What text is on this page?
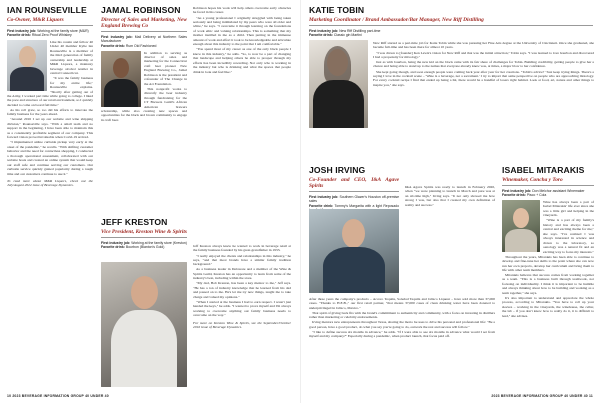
IAN ROUNSEVILLE
Co-Owner, M&R Liquors
First industry job: Working at the family store (M&R)
Favorite drink: Ritual Zero Proof Whiskey

Like his cousin and fellow 40 Under 40 member Kylie Ian Rounseville is a member of the third generation of family ownership and leadership at M&R Liquors, a mainstay beverage alcohol retailer in central Connecticut.

"It was the family business for my entire life," Rounseville explains. "Shortly after getting out of the Army, I worked part time while going to college. I liked the pace and structure of our retail environment, so I quickly decided to come on board full time."

As his roll grew, so too did his efforts to innovate the family business for the years ahead.

"Around 2016 I set up our website and wine shipping division," Rounseville says. "With a small team and no support in the beginning, I have been able to maintain this as a consistently profitable segment of our company. This forward vision proved invaluable when Covid-19 arrived.

"I implemented online curbside pickup very early at the onset of the pandemic," he recalls. "With shifting customer behavior and the need for contactless shopping, I conducted a thorough operational assessment, collaborated with our website hosts and created an online system that would keep our staff safe and continue serving our customers. Our curbside service quickly gained popularity during a tough time and our customers continue to use it."

To read more about M&R Liquors, check out the July/August 2022 issue of Beverage Dynamics.

JAMAL ROBINSON
Director of Sales and Marketing, New England Brewing Co
First industry job: Mail Delivery at Northern Sales Manufacturer
Favorite drink: Rum Old Fashioned

In addition to serving as director of sales and marketing for the Connecticut craft beer pioneer New England Brewing Co., Jamal Robinson is the president and cofounder of The Change in the Art Foundation.

This nonprofit works to diversify the beer industry through fundraising for the CT Brewers Guild's African American brewers scholarship, while also creating new spaces and opportunities for the black and brown community to engage in craft beer.

Robinson hopes his work will help others overcome early obstacles he faced in his career.

"As a young professional I originally struggled with being taken seriously and being intimidated by my peers who were all older and white," he says. "I overcame it through learning on the foundations of work ethic and valuing relationships. This is something that my mother instilled in me as a child. Then putting in the immense amount of work and effort it took to be knowledgeable and articulate enough about this industry to the point that I am comfortable."

"You spend most of my career as one of the only black people I know in this industry," he adds. "So, to now be a part of changing that landscape and helping others be able to prosper through my efforts has been incredibly rewarding. Not only who is working in the industry but who is drinking and what the spaces that people drink in look and feel like."

JEFF KRESTON
Vice President, Kreston Wine & Spirits
First industry job: Working at the family store (Kreston)
Favorite drink: Bourbon (Blanton's Gold)	Jeff Kreston always knew he wanted to work in beverage retail at the family business founded by his great-grandfather in 1933.

"I really enjoyed the clients and relationships in this industry," he says, "and that most brands have a similar family tradition background."

As a business leader in Delaware and a member of the Wine & Spirits Guild, Kreston has an opportunity to learn from some of the industry's best, including within the store.

"My dad, Bob Kreston, has been a key mentor to me," Jeff says. "He has a ton of industry knowledge that he learned from his dad and passed on to me. He's let me try new things, taught me to take charge and valued my opinions."

"When I started at the business I had to earn respect. I wasn't just handed the keys," he adds. "I wanted to prove myself and I'm always working to overcome anything our family business needs to overcome on the way."

For more on Kreston Wine & Spirits, see the September/October 2016 issue of Beverage Dynamics.

10 2023 BEVERAGE INFORMATION GROUP 40 UNDER 40
KATIE TOBIN
Marketing Coordinator / Brand Ambassador/Bar Manager, New Riff Distilling
First industry job: New Riff Distilling part-time
Favorite drink: Classic gin Martini

New Riff started as a part-time job for Katie Tobin while she was pursuing her Fine Arts degree at the University of Cincinnati. Once she graduated, she became full-time and has been there for almost 10 years.

"I was drawn to [founder] Ken Lewis's vision for New Riff and that was the initial attraction," Tobin says. "I was learned to love bourbon and discovered I had a propensity for mixology."

Just as with bourbon, being the new kid on the block came with its fair share of challenges for Tobin. Building credibility, getting people to give her a chance and being able to stand up to the names that everyone already knew was, at times, a major blow to her confidence.

She kept going though, and soon enough people were coming back year after year for her creations. "Tobin's advice? "Just keep trying things. There's a saying I love in the cocktail scene – 'Wine is a beverage, not a sacrament.' I try to impart that same perspective on people who are approaching mixology. For every cocktail recipe I find that ended up being a hit, there would be a handful of losers right behind. Look at food, art, nature and other things to inspire you," she says.

JOSH IRVING
Co-Founder and CEO, I&A Agave Spirits
First industry job: Southern Glazer's Houston off-premise sales
Favorite drink: Tommy's Margarita with a light Reposado

I&A Agave Spirits was ready to launch in February 2020, when "we were planning to launch in March and pure was at an all-time high," Irving says. "It not only showed me how strong I was, but also that I created my own definition of reality and success."

After three years the company's products – Accoro Tequila, Soledad Tequila and Jalisco Liqueur – have sold more than 37,000 cases. "Thanks to H.E.B.," our first retail partner, "that means 37,000 cases of clean drinking water have been donated to underprivileged in Jalisco, Mexico."

That spirit of giving back fits with the brand's commitment to authenticity and community, with a focus on investing in distillers rather than marketing or celebrity endorsements.

Irving mentors new entrepreneurs throughout Texas, sharing the motto he uses to drive his personal and professional life: "Be a good person, have a good product, do what you say you're going to do, outwork the rest and success will follow."

"I like to define success six months in advance," he adds. "If I were able to see six months in advance what would I set from myself and my company?" Especially during a pandemic, when product launch, that focus paid off.

ISABEL MITARAKIS
Winemaker, Concha y Toro
First industry job: Don Melchor assistant Winemaker
Favorite drink: Pisco + Cola

Wine has always been a part of Isabel Mitarakis' life ever since she was a little girl and helping in the vineyards.

"Wine is a part of my family's history and has always been a central and exciting theme for me," she says. "I've realized I was always interested in science and drawn to the laboratory, so oenology was a natural fit and an exciting way to focus my interests."

Throughout the years, Mitarakis has been able to continue to develop and fine-tune her skills to the point where she can now run her own projects, develop her curriculum and bring them to life with other team members.

Mitarakis believes that success comes from working together as a team. "This is a business built through teamwork, not focusing on individuality. I think it is important to be humble and always thinking about how to be building and working as a team together," she says.

It's also important to understand and appreciate the whole process, according to Mitarakis. "You have to roll up your sleeves – working in the vineyards, the winehouse, the cellar, the lab – if you don't know how to really do it, it is difficult to lead," she advises.

2023 BEVERAGE INFORMATION GROUP 40 UNDER 40 11
